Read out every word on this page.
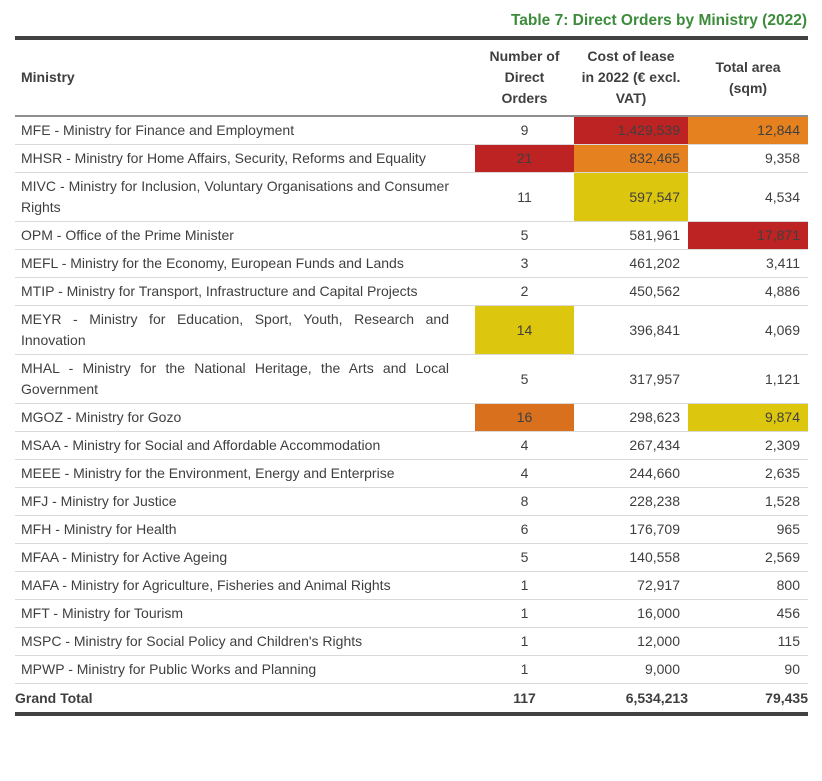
Table 7: Direct Orders by Ministry (2022)
Ministry	Number of Direct Orders	Cost of lease in 2022 (€ excl. VAT)	Total area (sqm)
MFE - Ministry for Finance and Employment	9	1,429,539	12,844
MHSR - Ministry for Home Affairs, Security, Reforms and Equality	21	832,465	9,358
MIVC - Ministry for Inclusion, Voluntary Organisations and Consumer Rights	11	597,547	4,534
OPM - Office of the Prime Minister	5	581,961	17,871
MEFL - Ministry for the Economy, European Funds and Lands	3	461,202	3,411
MTIP - Ministry for Transport, Infrastructure and Capital Projects	2	450,562	4,886
MEYR - Ministry for Education, Sport, Youth, Research and Innovation	14	396,841	4,069
MHAL - Ministry for the National Heritage, the Arts and Local Government	5	317,957	1,121
MGOZ - Ministry for Gozo	16	298,623	9,874
MSAA - Ministry for Social and Affordable Accommodation	4	267,434	2,309
MEEE - Ministry for the Environment, Energy and Enterprise	4	244,660	2,635
MFJ - Ministry for Justice	8	228,238	1,528
MFH - Ministry for Health	6	176,709	965
MFAA - Ministry for Active Ageing	5	140,558	2,569
MAFA - Ministry for Agriculture, Fisheries and Animal Rights	1	72,917	800
MFT - Ministry for Tourism	1	16,000	456
MSPC - Ministry for Social Policy and Children's Rights	1	12,000	115
MPWP - Ministry for Public Works and Planning	1	9,000	90
Grand Total	117	6,534,213	79,435
